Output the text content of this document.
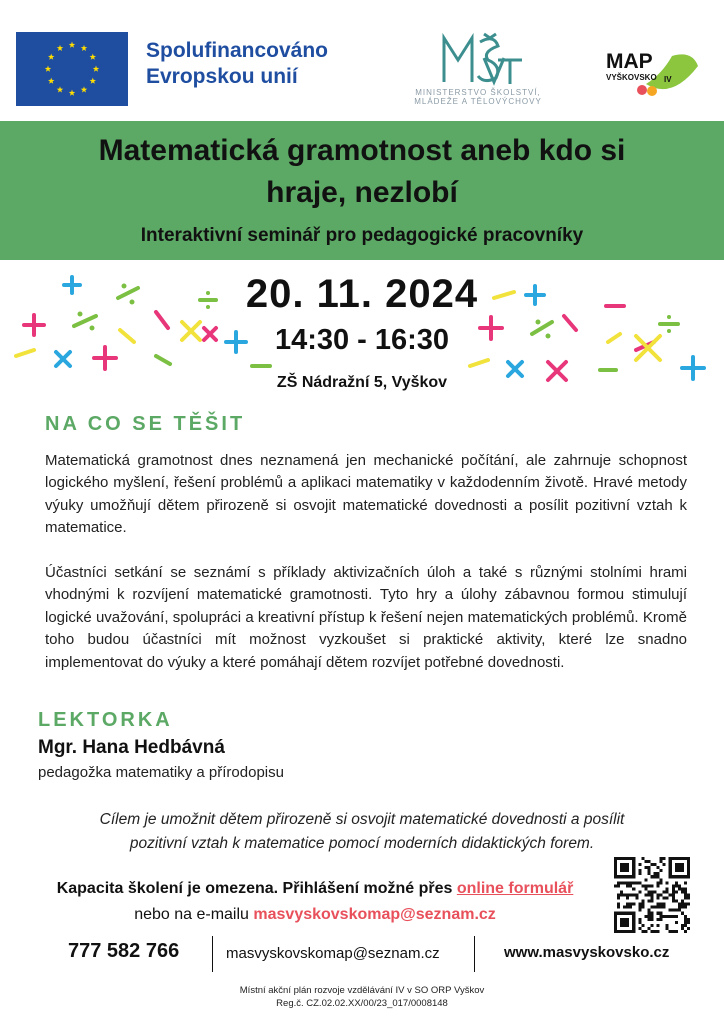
Spolufinancováno
Evropskou unií
MINISTERSTVO ŠKOLSTVÍ,
MLÁDEŽE A TĚLOVÝCHOVY
MAP
IV
VYŠKOVSKO
Matematická gramotnost aneb kdo si
hraje, nezlobí
Interaktivní seminář pro pedagogické pracovníky
20. 11. 2024
14:30 - 16:30
ZŠ Nádražní 5, Vyškov
NA CO SE TĚŠIT
Matematická gramotnost dnes neznamená jen mechanické počítání, ale zahrnuje schopnost logického myšlení, řešení problémů a aplikaci matematiky v každodenním životě. Hravé metody výuky umožňují dětem přirozeně si osvojit matematické dovednosti a posílit pozitivní vztah k matematice.
Účastníci setkání se seznámí s příklady aktivizačních úloh a také s různými stolními hrami vhodnými k rozvíjení matematické gramotnosti. Tyto hry a úlohy zábavnou formou stimulují logické uvažování, spolupráci a kreativní přístup k řešení nejen matematických problémů. Kromě toho budou účastníci mít možnost vyzkoušet si praktické aktivity, které lze snadno implementovat do výuky a které pomáhají dětem rozvíjet potřebné dovednosti.
LEKTORKA
Mgr. Hana Hedbávná
pedagožka matematiky a přírodopisu
Cílem je umožnit dětem přirozeně si osvojit matematické dovednosti a posílit
pozitivní vztah k matematice pomocí moderních didaktických forem.
Kapacita školení je omezena. Přihlášení možné přes online formulář
nebo na e-mailu masvyskovskomap@seznam.cz
777 582 766	masvyskovskomap@seznam.cz	www.masvyskovsko.cz
Místní akční plán rozvoje vzdělávání IV v SO ORP Vyškov
Reg.č. CZ.02.02.XX/00/23_017/0008148
